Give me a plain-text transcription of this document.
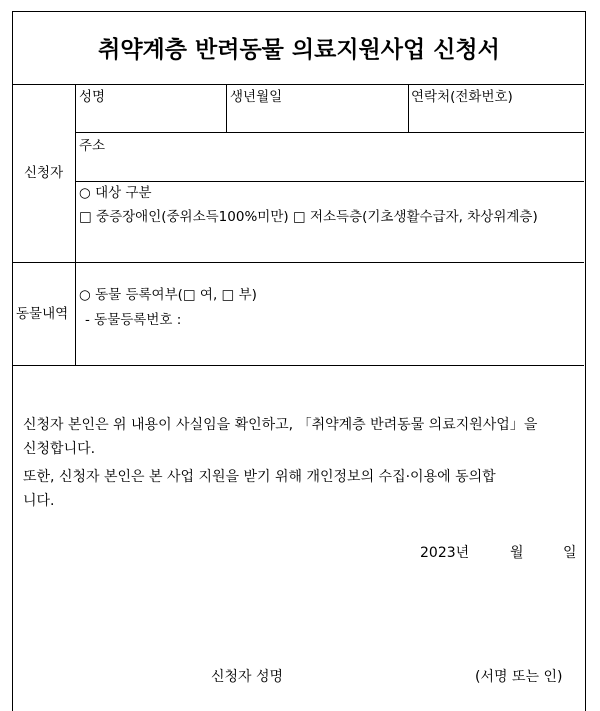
취약계층 반려동물 의료지원사업 신청서
신청자
성명	생년월일	연락처(전화번호)
주소
○ 대상 구분
□ 중증장애인(중위소득100%미만) □ 저소득층(기초생활수급자, 차상위계층)
동물내역
○ 동물 등록여부(□ 여, □ 부)
- 동물등록번호 :
신청자 본인은 위 내용이 사실임을 확인하고, 「취약계층 반려동물 의료지원사업」을
신청합니다.
또한, 신청자 본인은 본 사업 지원을 받기 위해 개인정보의 수집·이용에 동의합
니다.
2023년	월	일
신청자 성명	(서명 또는 인)
